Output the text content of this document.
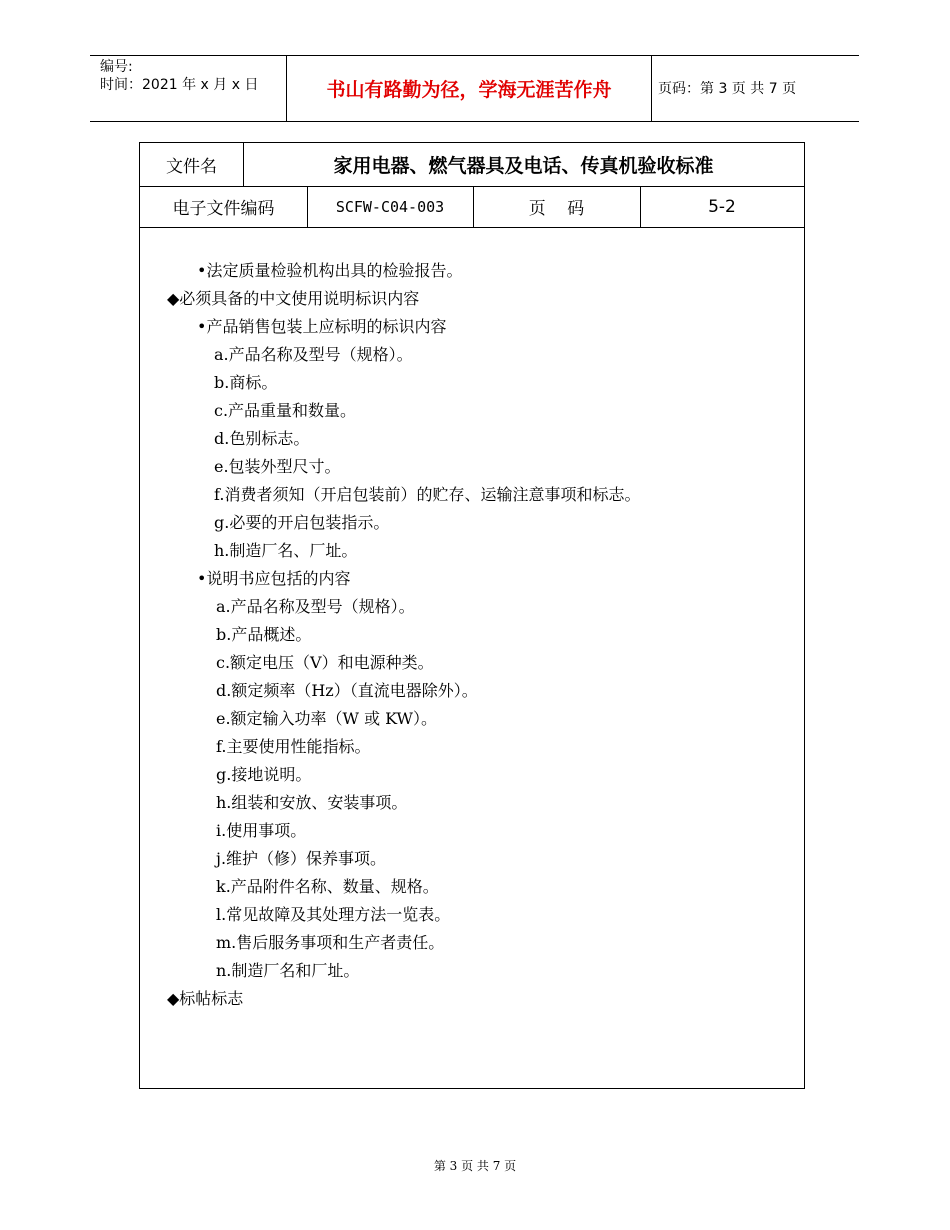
编号:
时间：2021 年 x 月 x 日	书山有路勤为径，学海无涯苦作舟	页码：第 3 页 共 7 页
文件名	家用电器、燃气器具及电话、传真机验收标准
电子文件编码	SCFW-C04-003	页    码	5-2
•法定质量检验机构出具的检验报告。
◆必须具备的中文使用说明标识内容
•产品销售包装上应标明的标识内容
a.产品名称及型号（规格）。
b.商标。
c.产品重量和数量。
d.色别标志。
e.包装外型尺寸。
f.消费者须知（开启包装前）的贮存、运输注意事项和标志。
g.必要的开启包装指示。
h.制造厂名、厂址。
•说明书应包括的内容
a.产品名称及型号（规格）。
b.产品概述。
c.额定电压（V）和电源种类。
d.额定频率（Hz）（直流电器除外）。
e.额定输入功率（W 或 KW）。
f.主要使用性能指标。
g.接地说明。
h.组装和安放、安装事项。
i.使用事项。
j.维护（修）保养事项。
k.产品附件名称、数量、规格。
l.常见故障及其处理方法一览表。
m.售后服务事项和生产者责任。
n.制造厂名和厂址。
◆标帖标志
第 3 页 共 7 页
